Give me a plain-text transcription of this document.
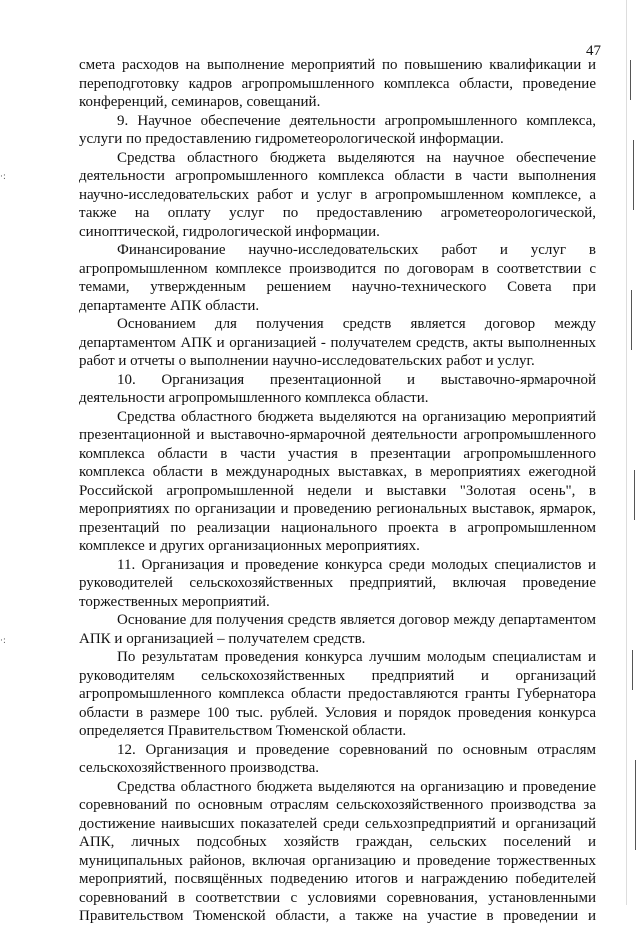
47

смета расходов на выполнение мероприятий по повышению квалификации и переподготовку кадров агропромышленного комплекса области, проведение конференций, семинаров, совещаний.

9. Научное обеспечение деятельности агропромышленного комплекса, услуги по предоставлению гидрометеорологической информации.

Средства областного бюджета выделяются на научное обеспечение деятельности агропромышленного комплекса области в части выполнения научно-исследовательских работ и услуг в агропромышленном комплексе, а также на оплату услуг по предоставлению агрометеорологической, синоптической, гидрологической информации.

Финансирование научно-исследовательских работ и услуг в агропромышленном комплексе производится по договорам в соответствии с темами, утвержденным решением научно-технического Совета при департаменте АПК области.

Основанием для получения средств является договор между департаментом АПК и организацией - получателем средств, акты выполненных работ и отчеты о выполнении научно-исследовательских работ и услуг.

10. Организация презентационной и выставочно-ярмарочной деятельности агропромышленного комплекса области.

Средства областного бюджета выделяются на организацию мероприятий презентационной и выставочно-ярмарочной деятельности агропромышленного комплекса области в части участия в презентации агропромышленного комплекса области в международных выставках, в мероприятиях ежегодной Российской агропромышленной недели и выставки "Золотая осень", в мероприятиях по организации и проведению региональных выставок, ярмарок, презентаций по реализации национального проекта в агропромышленном комплексе и других организационных мероприятиях.

11. Организация и проведение конкурса среди молодых специалистов и руководителей сельскохозяйственных предприятий, включая проведение торжественных мероприятий.

Основание для получения средств является договор между департаментом АПК и организацией – получателем средств.

По результатам проведения конкурса лучшим молодым специалистам и руководителям сельскохозяйственных предприятий и организаций агропромышленного комплекса области предоставляются гранты Губернатора области в размере 100 тыс. рублей. Условия и порядок проведения конкурса определяется Правительством Тюменской области.

12. Организация и проведение соревнований по основным отраслям сельскохозяйственного производства.

Средства областного бюджета выделяются на организацию и проведение соревнований по основным отраслям сельскохозяйственного производства за достижение наивысших показателей среди сельхозпредприятий и организаций АПК, личных подсобных хозяйств граждан, сельских поселений и муниципальных районов, включая организацию и проведение торжественных мероприятий, посвящённых подведению итогов и награждению победителей соревнований в соответствии с условиями соревнования, установленными Правительством Тюменской области, а также на участие в проведении и

·:
·:
